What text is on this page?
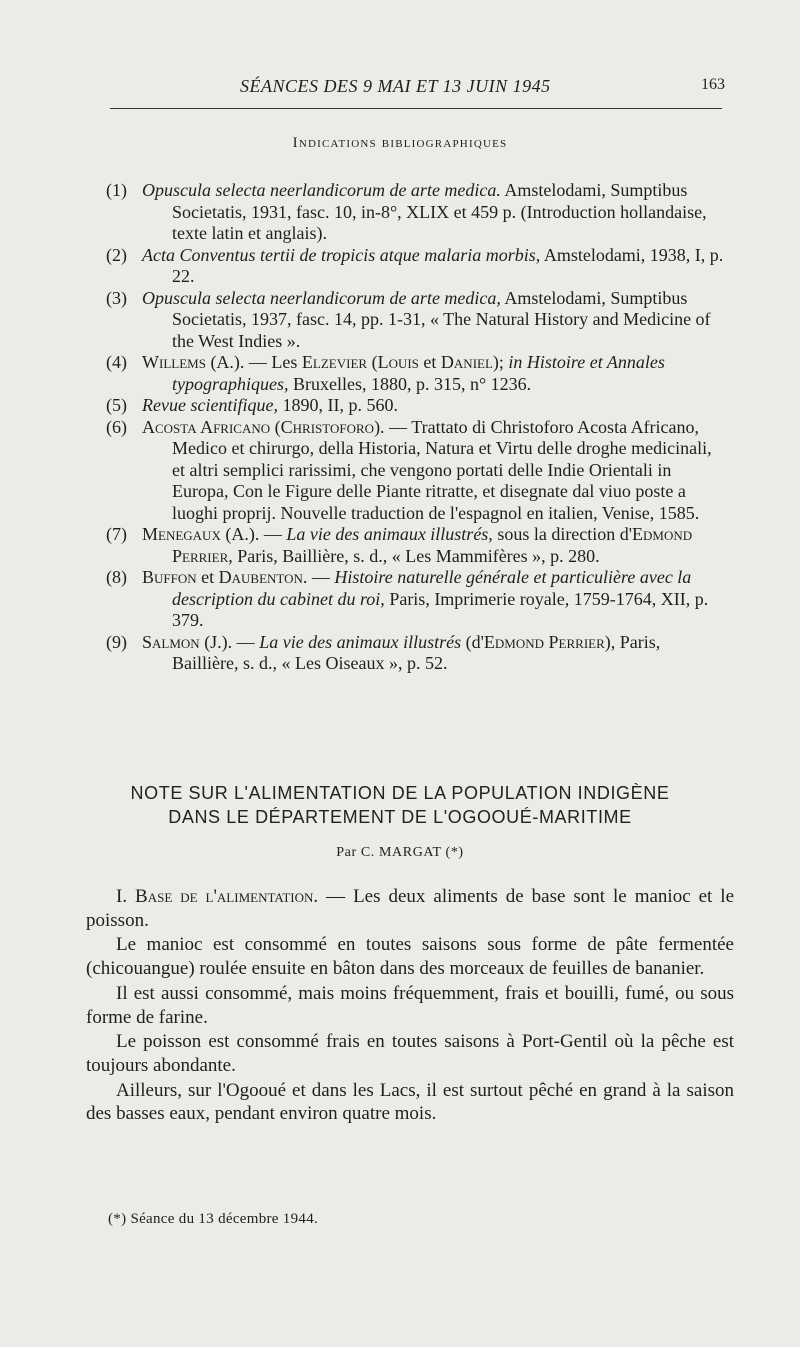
SÉANCES DES 9 MAI ET 13 JUIN 1945	163
Indications bibliographiques
(1) Opuscula selecta neerlandicorum de arte medica. Amstelodami, Sumptibus Societatis, 1931, fasc. 10, in-8°, XLIX et 459 p. (Introduction hollandaise, texte latin et anglais).
(2) Acta Conventus tertii de tropicis atque malaria morbis, Amstelodami, 1938, I, p. 22.
(3) Opuscula selecta neerlandicorum de arte medica, Amstelodami, Sumptibus Societatis, 1937, fasc. 14, pp. 1-31, « The Natural History and Medicine of the West Indies ».
(4) Willems (A.). — Les Elzevier (Louis et Daniel); in Histoire et Annales typographiques, Bruxelles, 1880, p. 315, n° 1236.
(5) Revue scientifique, 1890, II, p. 560.
(6) Acosta Africano (Christoforo). — Trattato di Christoforo Acosta Africano, Medico et chirurgo, della Historia, Natura et Virtu delle droghe medicinali, et altri semplici rarissimi, che vengono portati delle Indie Orientali in Europa, Con le Figure delle Piante ritratte, et disegnate dal viuo poste a luoghi proprij. Nouvelle traduction de l'espagnol en italien, Venise, 1585.
(7) Menegaux (A.). — La vie des animaux illustrés, sous la direction d'Edmond Perrier, Paris, Baillière, s. d., « Les Mammifères », p. 280.
(8) Buffon et Daubenton. — Histoire naturelle générale et particulière avec la description du cabinet du roi, Paris, Imprimerie royale, 1759-1764, XII, p. 379.
(9) Salmon (J.). — La vie des animaux illustrés (d'Edmond Perrier), Paris, Baillière, s. d., « Les Oiseaux », p. 52.
NOTE SUR L'ALIMENTATION DE LA POPULATION INDIGÈNE
DANS LE DÉPARTEMENT DE L'OGOOUÉ-MARITIME
Par C. MARGAT (*)

I. Base de l'alimentation. — Les deux aliments de base sont le manioc et le poisson.

Le manioc est consommé en toutes saisons sous forme de pâte fermentée (chicouangue) roulée ensuite en bâton dans des morceaux de feuilles de bananier.

Il est aussi consommé, mais moins fréquemment, frais et bouilli, fumé, ou sous forme de farine.

Le poisson est consommé frais en toutes saisons à Port-Gentil où la pêche est toujours abondante.

Ailleurs, sur l'Ogooué et dans les Lacs, il est surtout pêché en grand à la saison des basses eaux, pendant environ quatre mois.

(*) Séance du 13 décembre 1944.
